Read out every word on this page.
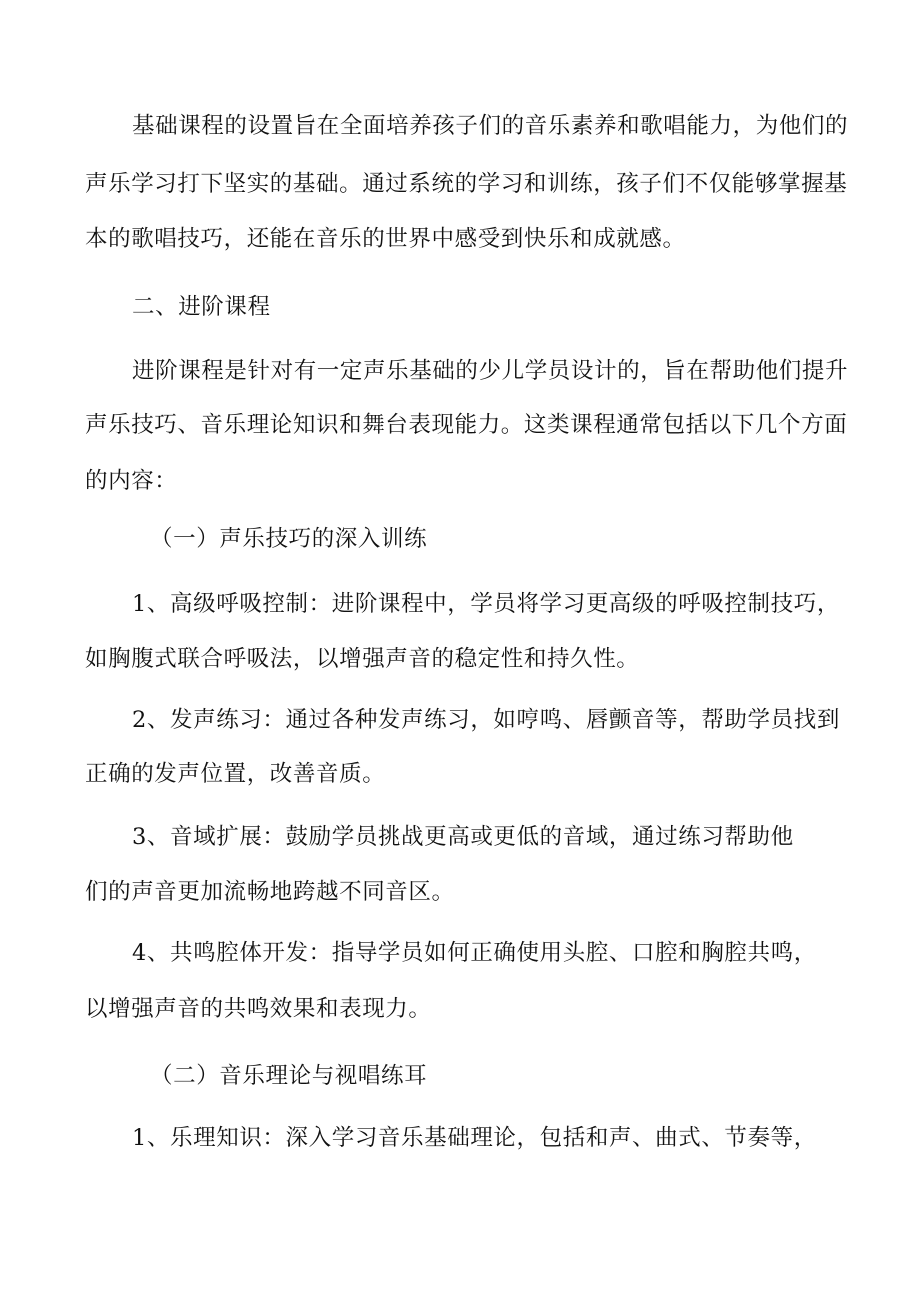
基础课程的设置旨在全面培养孩子们的音乐素养和歌唱能力，为他们的

声乐学习打下坚实的基础。通过系统的学习和训练，孩子们不仅能够掌握基

本的歌唱技巧，还能在音乐的世界中感受到快乐和成就感。

二、进阶课程

进阶课程是针对有一定声乐基础的少儿学员设计的，旨在帮助他们提升

声乐技巧、音乐理论知识和舞台表现能力。这类课程通常包括以下几个方面

的内容：

（一）声乐技巧的深入训练

1、高级呼吸控制：进阶课程中，学员将学习更高级的呼吸控制技巧，

如胸腹式联合呼吸法，以增强声音的稳定性和持久性。

2、发声练习：通过各种发声练习，如哼鸣、唇颤音等，帮助学员找到

正确的发声位置，改善音质。

3、音域扩展：鼓励学员挑战更高或更低的音域，通过练习帮助他

们的声音更加流畅地跨越不同音区。

4、共鸣腔体开发：指导学员如何正确使用头腔、口腔和胸腔共鸣，

以增强声音的共鸣效果和表现力。

（二）音乐理论与视唱练耳

1、乐理知识：深入学习音乐基础理论，包括和声、曲式、节奏等，
